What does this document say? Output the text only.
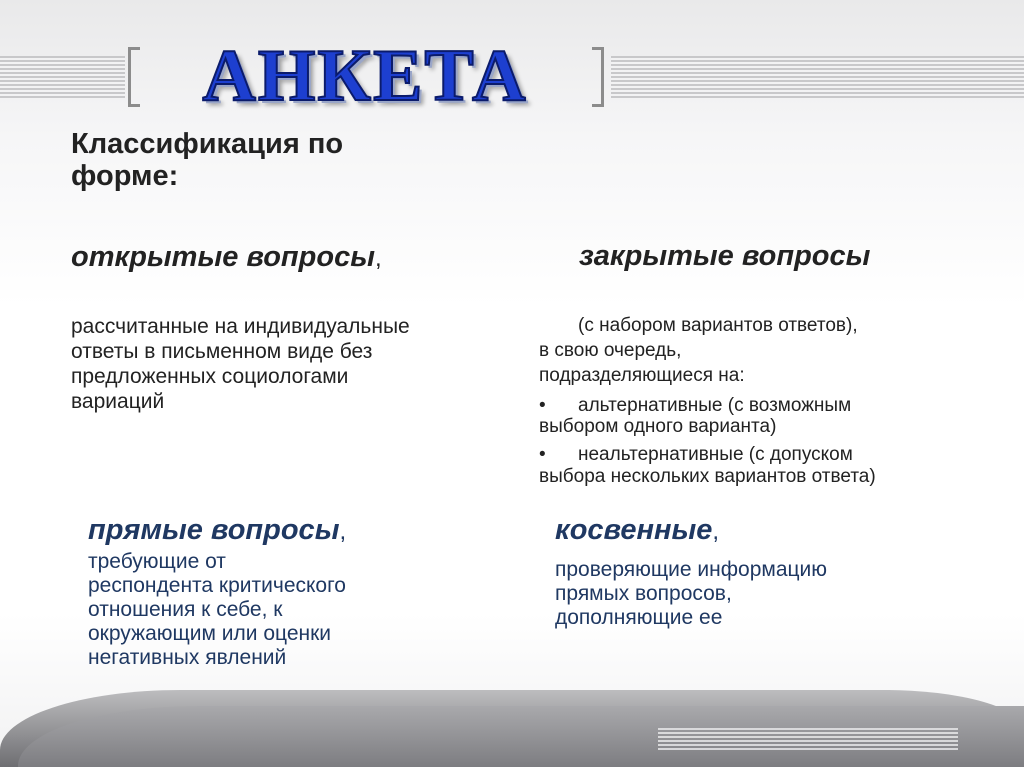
АНКЕТА
Классификация по
форме:
открытые вопросы,
рассчитанные на индивидуальные
ответы в письменном виде без
предложенных социологами
вариаций
закрытые вопросы
(с набором вариантов ответов),
в свою очередь,
подразделяющиеся на:
• альтернативные (с возможным
выбором одного варианта)
• неальтернативные (с допуском
выбора нескольких вариантов ответа)
прямые вопросы,
требующие от
респондента критического
отношения к себе, к
окружающим или оценки
негативных явлений
косвенные,
проверяющие информацию
прямых вопросов,
дополняющие ее
